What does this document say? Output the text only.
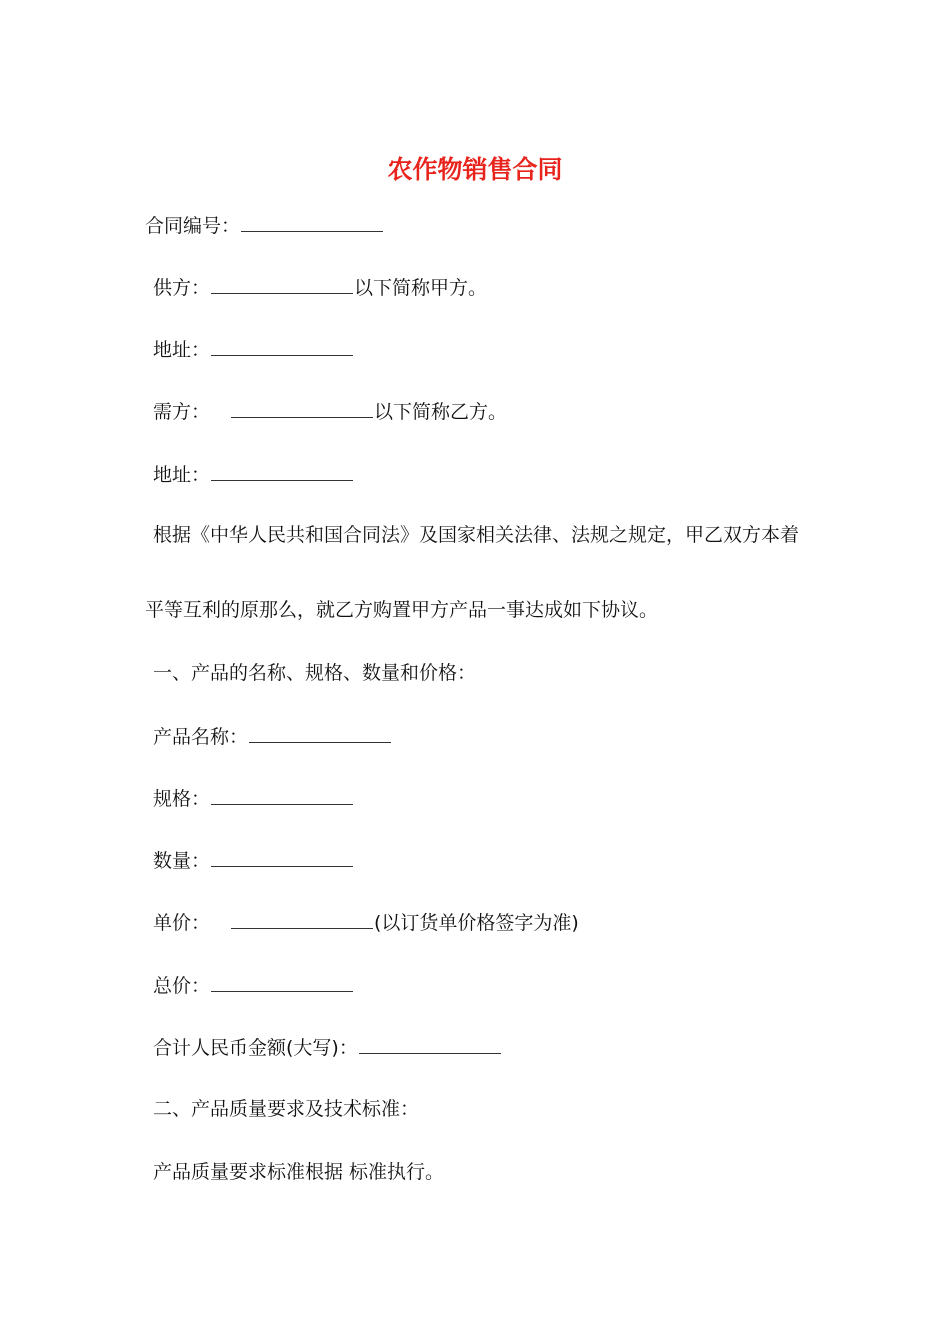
农作物销售合同
合同编号：
供方：	以下简称甲方。
地址：
需方：	以下简称乙方。
地址：
根据《中华人民共和国合同法》及国家相关法律、法规之规定，甲乙双方本着
平等互利的原那么，就乙方购置甲方产品一事达成如下协议。
一、产品的名称、规格、数量和价格：
产品名称：
规格：
数量：
单价：	(以订货单价格签字为准)
总价：
合计人民币金额(大写)：
二、产品质量要求及技术标准：
产品质量要求标准根据 标准执行。
